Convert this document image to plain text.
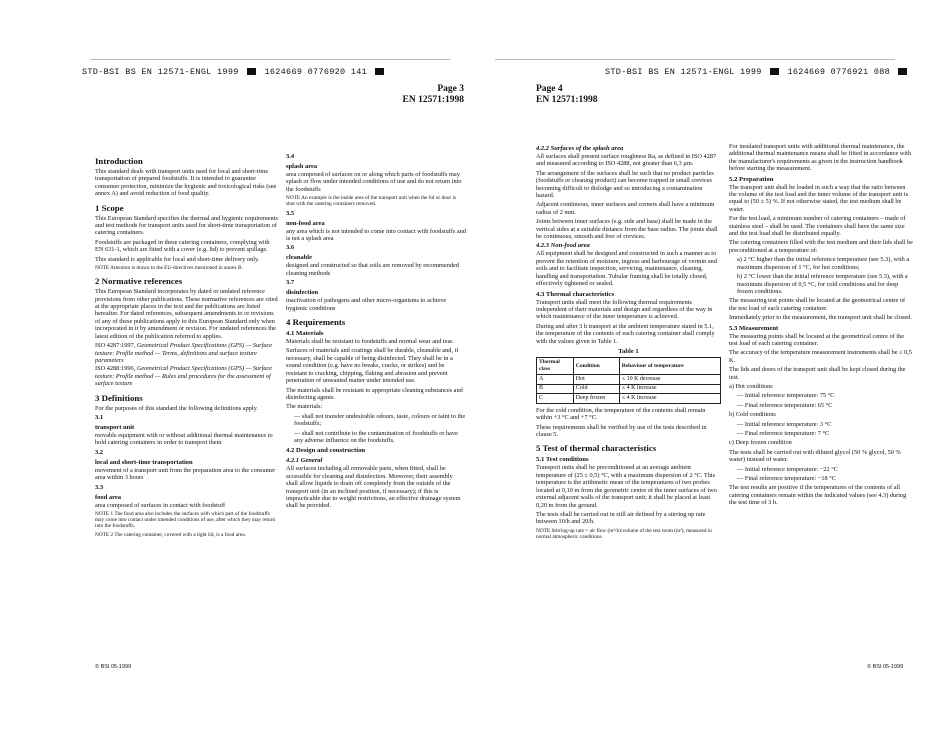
STD-BSI BS EN 12571-ENGL 1999	1624669 0776920 141
Page 3
EN 12571:1998
Introduction

This standard deals with transport units used for local and short-time transportation of prepared foodstuffs. It is intended to guarantee consumer protection, minimize the hygienic and toxicological risks (see annex A) and avoid reduction of food quality.

1 Scope

This European Standard specifies the thermal and hygienic requirements and test methods for transport units used for short-time transportation of catering containers.

Foodstuffs are packaged in these catering containers, complying with EN 631-1, which are fitted with a cover (e.g. lid) to prevent spillage.

This standard is applicable for local and short-time delivery only.

NOTE Attention is drawn to the EU-directives mentioned in annex B.

2 Normative references

This European Standard incorporates by dated or undated reference provisions from other publications. These normative references are cited at the appropriate places in the text and the publications are listed hereafter. For dated references, subsequent amendments to or revisions of any of these publications apply to this European Standard only when incorporated in it by amendment or revision. For undated references the latest edition of the publication referred to applies.

ISO 4287:1997, Geometrical Product Specifications (GPS) — Surface texture: Profile method — Terms, definitions and surface texture parameters

ISO 4288:1996, Geometrical Product Specifications (GPS) — Surface texture: Profile method — Rules and procedures for the assessment of surface texture

3 Definitions

For the purposes of this standard the following definitions apply.

3.1
transport unit

movable equipment with or without additional thermal maintenance to hold catering containers in order to transport them

3.2
local and short-time transportation

movement of a transport unit from the preparation area to the consumer area within 3 hours

3.3
food area

area composed of surfaces in contact with foodstuff

NOTE 1 The food area also includes the surfaces with which part of the foodstuffs may come into contact under intended conditions of use, after which they may return into the foodstuffs.

NOTE 2 The catering container, covered with a tight lid, is a food area.

3.4
splash area

area composed of surfaces on or along which parts of foodstuffs may splash or flow under intended conditions of use and do not return into the foodstuffs

NOTE An example is the inside area of the transport unit when the lid or door is shut with the catering containers removed.

3.5
non-food area

any area which is not intended to come into contact with foodstuffs and is not a splash area

3.6
cleanable

designed and constructed so that soils are removed by recommended cleaning methods

3.7
disinfection

inactivation of pathogens and other micro-organisms to achieve hygienic conditions

4 Requirements
4.1 Materials

Materials shall be resistant to foodstuffs and normal wear and tear.

Surfaces of materials and coatings shall be durable, cleanable and, if necessary, shall be capable of being disinfected. They shall be in a sound condition (e.g. have no breaks, cracks, or strikes) and be resistant to cracking, chipping, flaking and abrasion and prevent penetration of unwanted matter under intended use.

The materials shall be resistant to appropriate cleaning substances and disinfecting agents.

The materials:

— shall not transfer undesirable odours, taste, colours or taint to the foodstuffs;

— shall not contribute to the contamination of foodstuffs or have any adverse influence on the foodstuffs.

4.2 Design and construction
4.2.1 General

All surfaces including all removable parts, when fitted, shall be accessible for cleaning and disinfection. Moreover, their assembly shall allow liquids to drain off completely from the outside of the transport unit (in an inclined position, if necessary); if this is impracticable due to weight restrictions, an effective drainage system shall be provided.

© BSI 05-1999
STD-BSI BS EN 12571-ENGL 1999	1624669 0776921 088
Page 4
EN 12571:1998
4.2.2 Surfaces of the splash area

All surfaces shall present surface roughness Ra, as defined in ISO 4287 and measured according to ISO 4288, not greater than 6,3 µm.

The arrangement of the surfaces shall be such that no product particles (foodstuffs or cleaning product) can become trapped in small crevices becoming difficult to dislodge and so introducing a contamination hazard.

Adjacent continuous, inner surfaces and corners shall have a minimum radius of 2 mm.

Joints between inner surfaces (e.g. side and base) shall be made in the vertical sides at a suitable distance from the base radius. The joints shall be continuous, smooth and free of crevices.

4.2.3 Non-food area

All equipment shall be designed and constructed in such a manner as to prevent the retention of moisture, ingress and harbourage of vermin and soils and to facilitate inspection, servicing, maintenance, cleaning, handling and transportation. Tubular framing shall be totally closed, effectively tightened or sealed.

4.3 Thermal characteristics

Transport units shall meet the following thermal requirements independent of their materials and design and regardless of the way in which maintenance of the inner temperature is achieved.

During and after 3 h transport at the ambient temperature stated in 5.1, the temperature of the contents of each catering container shall comply with the values given in Table 1.

Table 1
Thermal class	Condition	Behaviour of temperature
A	Hot	≤ 10 K decrease
B	Cold	≤ 4 K increase
C	Deep frozen	≤ 4 K increase

For the cold condition, the temperature of the contents shall remain within +3 °C and +7 °C.

These requirements shall be verified by use of the tests described in clause 5.

5 Test of thermal characteristics
5.1 Test conditions

Transport units shall be preconditioned at an average ambient temperature of (25 ± 0,5) °C, with a maximum dispersion of 2 °C. This temperature is the arithmetic mean of the temperatures of two probes located at 0,10 m from the geometric centre of the inner surfaces of two external adjacent walls of the transport unit; it shall be placed at least 0,20 m from the ground.

The tests shall be carried out in still air defined by a stirring up rate between 10/h and 20/h.

NOTE Stirring-up rate = air flow (m³/h)/volume of the test room (m³), measured in normal atmospheric conditions.

For insulated transport units with additional thermal maintenance, the additional thermal maintenance means shall be fitted in accordance with the manufacturer's requirements as given in the instruction handbook before starting the measurement.

5.2 Preparation

The transport unit shall be loaded in such a way that the ratio between the volume of the test load and the inner volume of the transport unit is equal to (50 ± 5) %. If not otherwise stated, the test medium shall be water.

For the test load, a minimum number of catering containers – made of stainless steel – shall be used. The containers shall have the same size and the test load shall be distributed equally.

The catering containers filled with the test medium and their lids shall be preconditioned at a temperature of:

a) 2 °C higher than the initial reference temperature (see 5.3), with a maximum dispersion of 1 °C, for hot conditions;

b) 2 °C lower than the initial reference temperature (see 5.3), with a maximum dispersion of 0,5 °C, for cold conditions and for deep frozen conditions.

The measuring test points shall be located at the geometrical centre of the test load of each catering container.

Immediately prior to the measurement, the transport unit shall be closed.

5.3 Measurement

The measuring points shall be located at the geometrical centre of the test load of each catering container.

The accuracy of the temperature measurement instruments shall be ≤ 0,5 K.

The lids and doors of the transport unit shall be kept closed during the test.

a) Hot conditions

— Initial reference temperature: 75 °C

— Final reference temperature: 65 °C

b) Cold conditions

— Initial reference temperature: 3 °C

— Final reference temperature: 7 °C

c) Deep frozen condition

The tests shall be carried out with diluted glycol (50 % glycol, 50 % water) instead of water.

— Initial reference temperature: −22 °C

— Final reference temperature: −18 °C

The test results are positive if the temperatures of the contents of all catering containers remain within the indicated values (see 4.3) during the test time of 3 h.

© BSI 05-1999
